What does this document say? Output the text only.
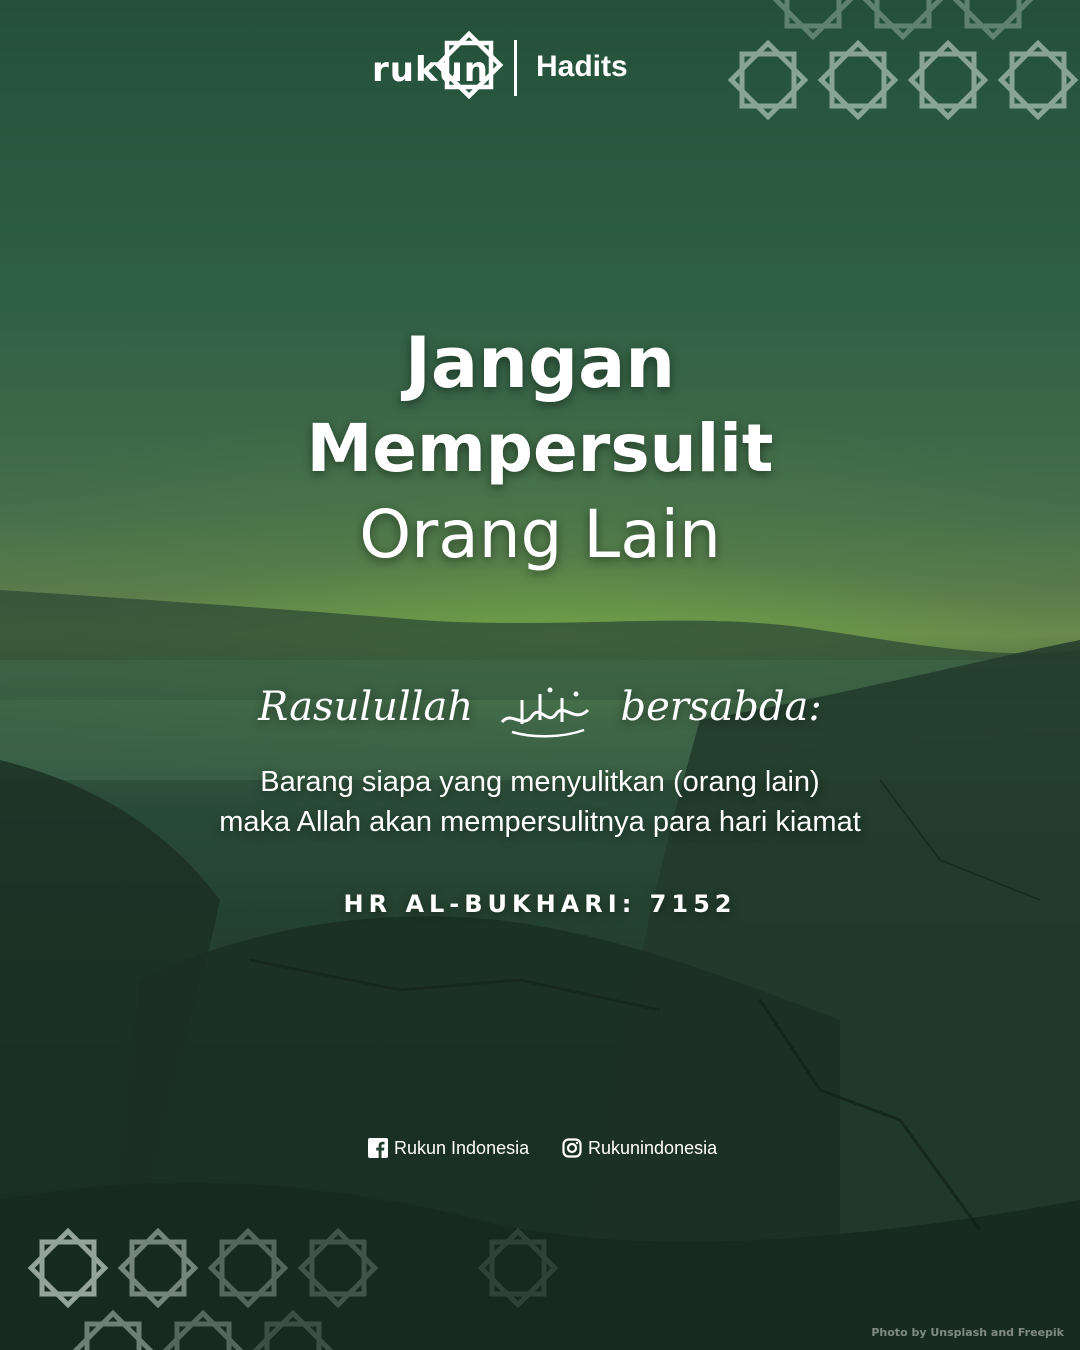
rukun Hadits
Jangan
Mempersulit
Orang Lain
Rasulullah	bersabda:
Barang siapa yang menyulitkan (orang lain)
maka Allah akan mempersulitnya para hari kiamat
HR AL-BUKHARI: 7152
Rukun Indonesia	Rukunindonesia
Photo by Unsplash and Freepik
